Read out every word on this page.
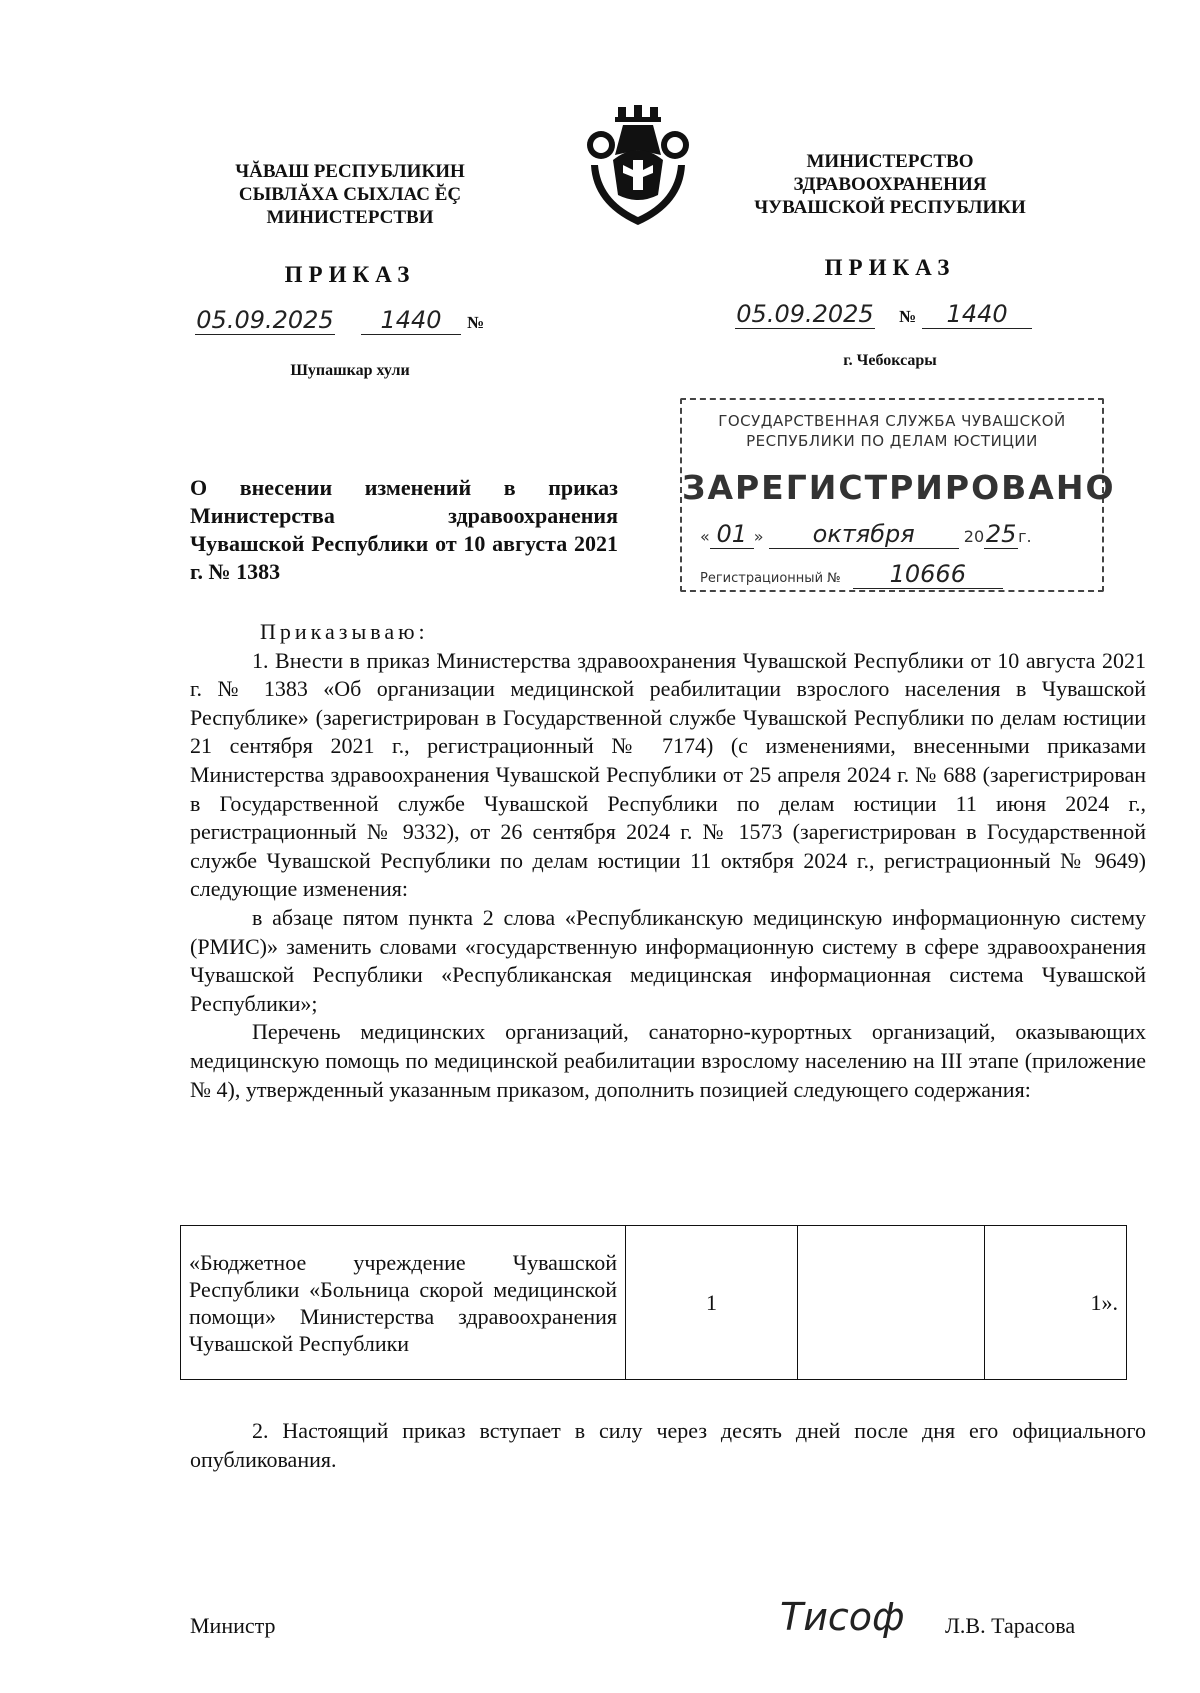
ЧĂВАШ РЕСПУБЛИКИН
СЫВЛĂХА СЫХЛАС ĔÇ
МИНИСТЕРСТВИ
ПРИКАЗ
05.09.2025 1440 №
Шупашкар хули
МИНИСТЕРСТВО
ЗДРАВООХРАНЕНИЯ
ЧУВАШСКОЙ РЕСПУБЛИКИ
ПРИКАЗ
05.09.2025 № 1440
г. Чебоксары
ГОСУДАРСТВЕННАЯ СЛУЖБА ЧУВАШСКОЙ
РЕСПУБЛИКИ ПО ДЕЛАМ ЮСТИЦИИ
ЗАРЕГИСТРИРОВАНО
« 01 » октября	2025 г.
Регистрационный № 10666
О внесении изменений в приказ Министерства здравоохранения Чувашской Республики от 10 августа 2021 г. № 1383

Приказываю:

1. Внести в приказ Министерства здравоохранения Чувашской Республики от 10 августа 2021 г. № 1383 «Об организации медицинской реабилитации взрослого населения в Чувашской Республике» (зарегистрирован в Государственной службе Чувашской Республики по делам юстиции 21 сентября 2021 г., регистрационный № 7174) (с изменениями, внесенными приказами Министерства здравоохранения Чувашской Республики от 25 апреля 2024 г. № 688 (зарегистрирован в Государственной службе Чувашской Республики по делам юстиции 11 июня 2024 г., регистрационный № 9332), от 26 сентября 2024 г. № 1573 (зарегистрирован в Государственной службе Чувашской Республики по делам юстиции 11 октября 2024 г., регистрационный № 9649) следующие изменения:

в абзаце пятом пункта 2 слова «Республиканскую медицинскую информационную систему (РМИС)» заменить словами «государственную информационную систему в сфере здравоохранения Чувашской Республики «Республиканская медицинская информационная система Чувашской Республики»;

Перечень медицинских организаций, санаторно-курортных организаций, оказывающих медицинскую помощь по медицинской реабилитации взрослому населению на III этапе (приложение № 4), утвержденный указанным приказом, дополнить позицией следующего содержания:

«Бюджетное учреждение Чувашской Республики «Больница скорой медицинской помощи» Министерства здравоохранения Чувашской Республики	1		1».

2. Настоящий приказ вступает в силу через десять дней после дня его официального опубликования.

Министр	Тисоф Л.В. Тарасова
